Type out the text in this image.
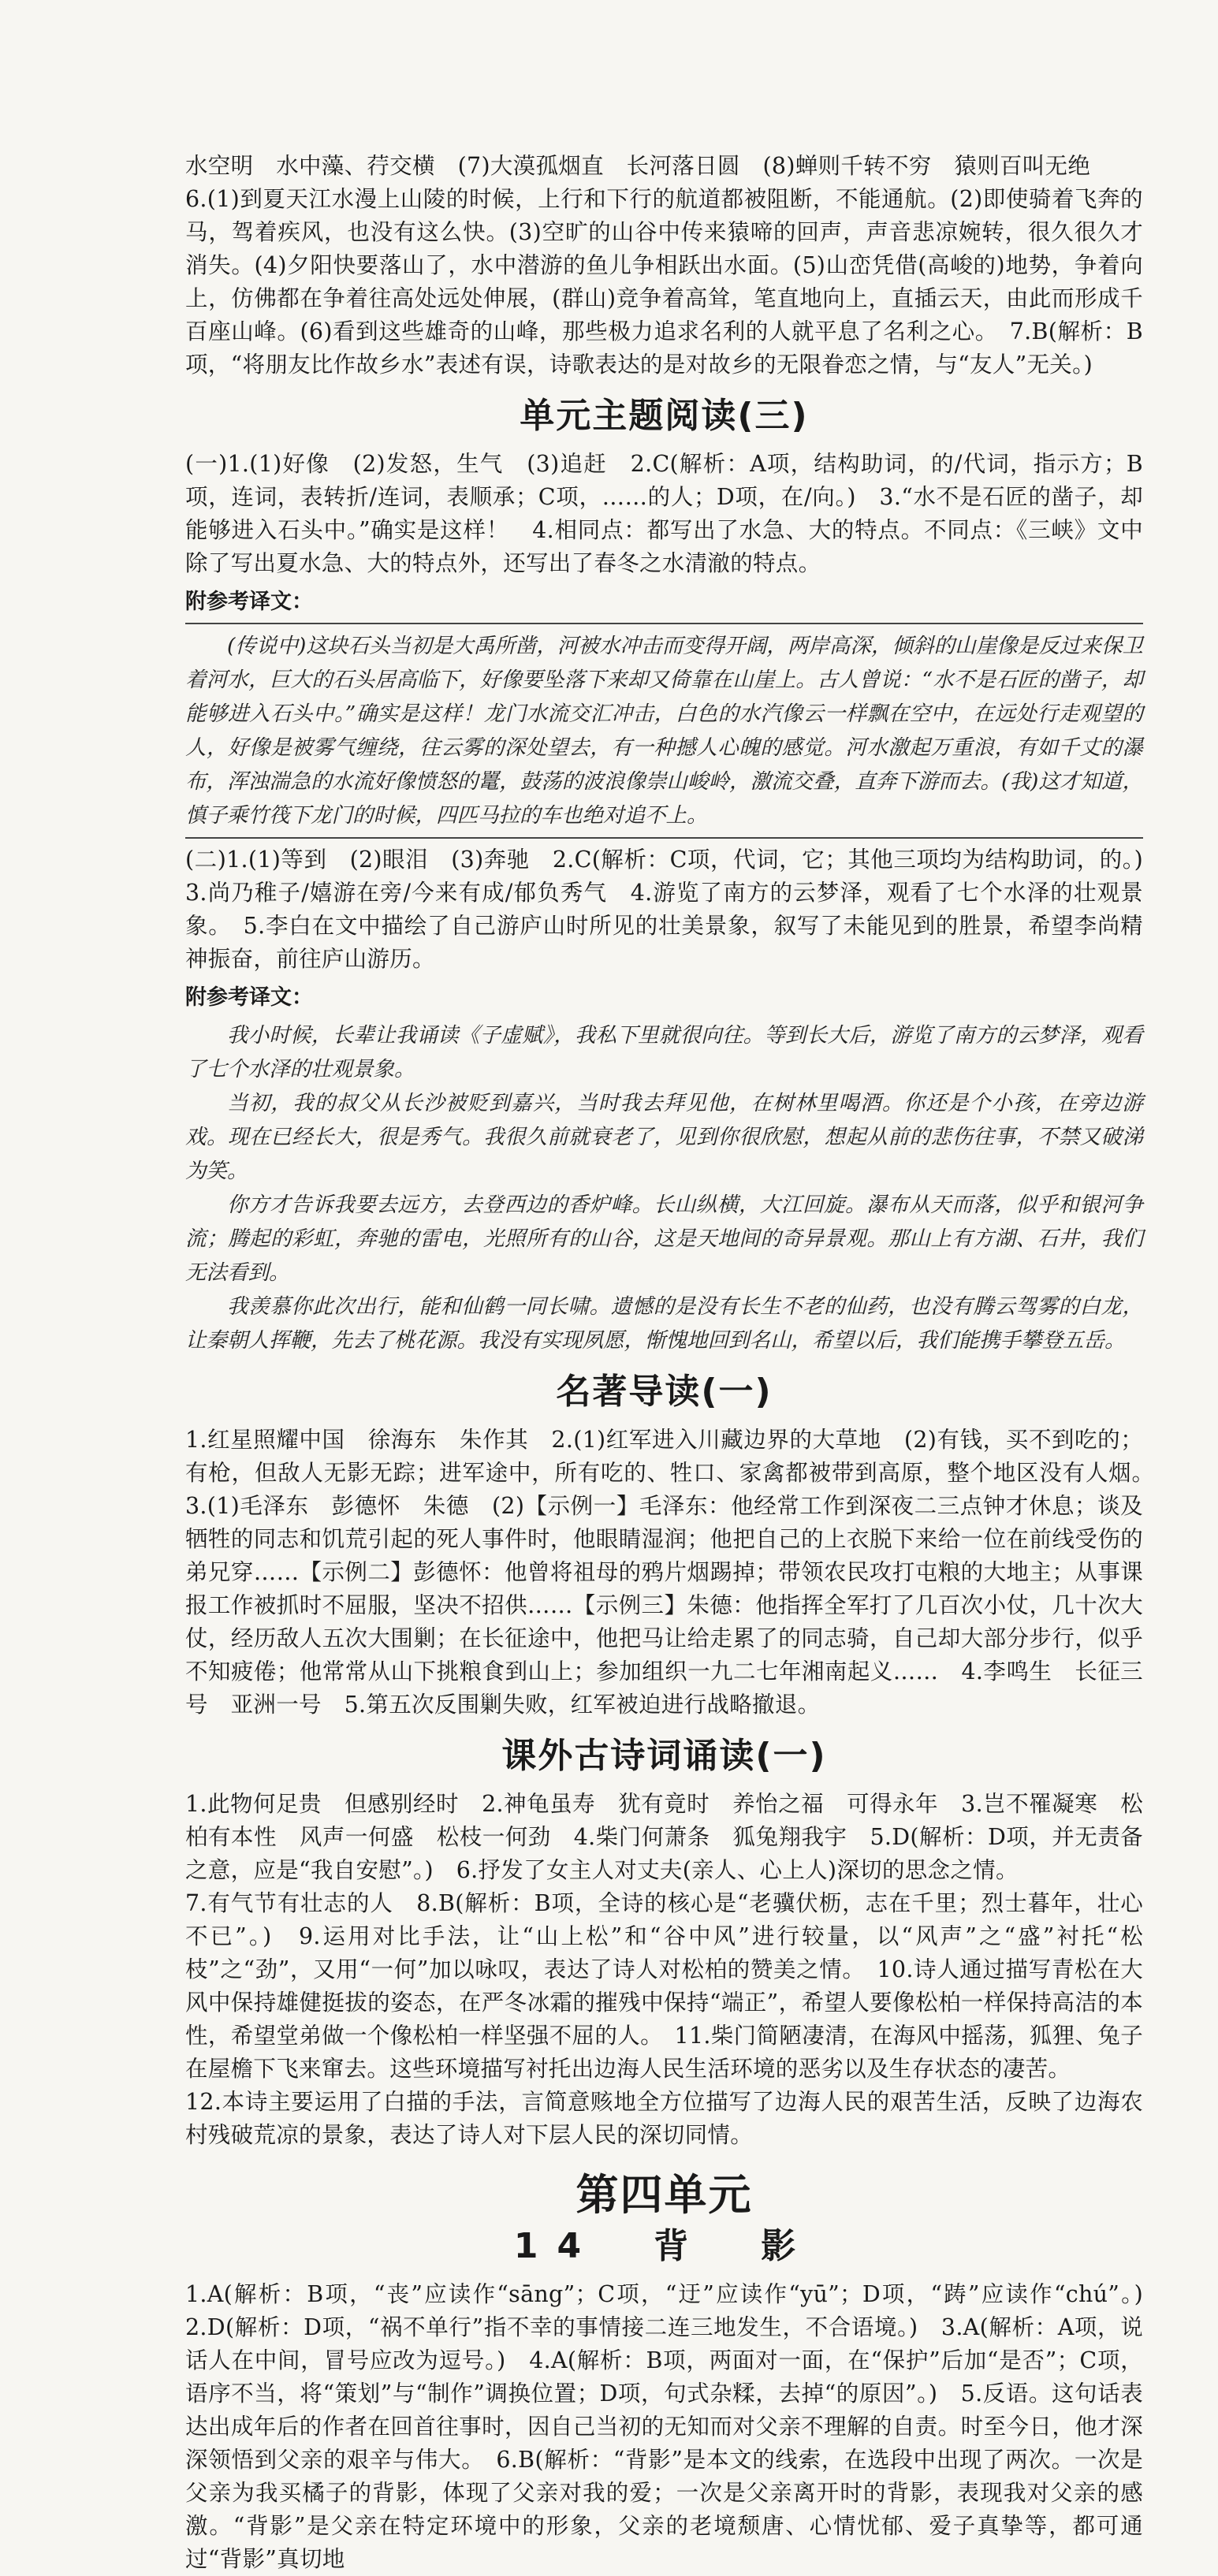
水空明　水中藻、荇交横　(7)大漠孤烟直　长河落日圆　(8)蝉则千转不穷　猿则百叫无绝

6.(1)到夏天江水漫上山陵的时候，上行和下行的航道都被阻断，不能通航。(2)即使骑着飞奔的马，驾着疾风，也没有这么快。(3)空旷的山谷中传来猿啼的回声，声音悲凉婉转，很久很久才消失。(4)夕阳快要落山了，水中潜游的鱼儿争相跃出水面。(5)山峦凭借(高峻的)地势，争着向上，仿佛都在争着往高处远处伸展，(群山)竞争着高耸，笔直地向上，直插云天，由此而形成千百座山峰。(6)看到这些雄奇的山峰，那些极力追求名利的人就平息了名利之心。　7.B(解析：B项，“将朋友比作故乡水”表述有误，诗歌表达的是对故乡的无限眷恋之情，与“友人”无关。)

单元主题阅读(三)

(一)1.(1)好像　(2)发怒，生气　(3)追赶　2.C(解析：A项，结构助词，的/代词，指示方；B项，连词，表转折/连词，表顺承；C项，……的人；D项，在/向。)　3.“水不是石匠的凿子，却能够进入石头中。”确实是这样！　4.相同点：都写出了水急、大的特点。不同点：《三峡》文中除了写出夏水急、大的特点外，还写出了春冬之水清澈的特点。

附参考译文：

(传说中)这块石头当初是大禹所凿，河被水冲击而变得开阔，两岸高深，倾斜的山崖像是反过来保卫着河水，巨大的石头居高临下，好像要坠落下来却又倚靠在山崖上。古人曾说：“水不是石匠的凿子，却能够进入石头中。”确实是这样！龙门水流交汇冲击，白色的水汽像云一样飘在空中，在远处行走观望的人，好像是被雾气缠绕，往云雾的深处望去，有一种撼人心魄的感觉。河水激起万重浪，有如千丈的瀑布，浑浊湍急的水流好像愤怒的鼍，鼓荡的波浪像崇山峻岭，激流交叠，直奔下游而去。(我)这才知道，慎子乘竹筏下龙门的时候，四匹马拉的车也绝对追不上。

(二)1.(1)等到　(2)眼泪　(3)奔驰　2.C(解析：C项，代词，它；其他三项均为结构助词，的。)　3.尚乃稚子/嬉游在旁/今来有成/郁负秀气　4.游览了南方的云梦泽，观看了七个水泽的壮观景象。　5.李白在文中描绘了自己游庐山时所见的壮美景象，叙写了未能见到的胜景，希望李尚精神振奋，前往庐山游历。

附参考译文：

我小时候，长辈让我诵读《子虚赋》，我私下里就很向往。等到长大后，游览了南方的云梦泽，观看了七个水泽的壮观景象。

当初，我的叔父从长沙被贬到嘉兴，当时我去拜见他，在树林里喝酒。你还是个小孩，在旁边游戏。现在已经长大，很是秀气。我很久前就衰老了，见到你很欣慰，想起从前的悲伤往事，不禁又破涕为笑。

你方才告诉我要去远方，去登西边的香炉峰。长山纵横，大江回旋。瀑布从天而落，似乎和银河争流；腾起的彩虹，奔驰的雷电，光照所有的山谷，这是天地间的奇异景观。那山上有方湖、石井，我们无法看到。

我羡慕你此次出行，能和仙鹤一同长啸。遗憾的是没有长生不老的仙药，也没有腾云驾雾的白龙，让秦朝人挥鞭，先去了桃花源。我没有实现夙愿，惭愧地回到名山，希望以后，我们能携手攀登五岳。

名著导读(一)

1.红星照耀中国　徐海东　朱作其　2.(1)红军进入川藏边界的大草地　(2)有钱，买不到吃的；有枪，但敌人无影无踪；进军途中，所有吃的、牲口、家禽都被带到高原，整个地区没有人烟。　3.(1)毛泽东　彭德怀　朱德　(2)【示例一】毛泽东：他经常工作到深夜二三点钟才休息；谈及牺牲的同志和饥荒引起的死人事件时，他眼睛湿润；他把自己的上衣脱下来给一位在前线受伤的弟兄穿……【示例二】彭德怀：他曾将祖母的鸦片烟踢掉；带领农民攻打屯粮的大地主；从事课报工作被抓时不屈服，坚决不招供……【示例三】朱德：他指挥全军打了几百次小仗，几十次大仗，经历敌人五次大围剿；在长征途中，他把马让给走累了的同志骑，自己却大部分步行，似乎不知疲倦；他常常从山下挑粮食到山上；参加组织一九二七年湘南起义……　4.李鸣生　长征三号　亚洲一号　5.第五次反围剿失败，红军被迫进行战略撤退。

课外古诗词诵读(一)

1.此物何足贵　但感别经时　2.神龟虽寿　犹有竟时　养怡之福　可得永年　3.岂不罹凝寒　松柏有本性　风声一何盛　松枝一何劲　4.柴门何萧条　狐兔翔我宇　5.D(解析：D项，并无责备之意，应是“我自安慰”。)　6.抒发了女主人对丈夫(亲人、心上人)深切的思念之情。

7.有气节有壮志的人　8.B(解析：B项，全诗的核心是“老骥伏枥，志在千里；烈士暮年，壮心不已”。)　9.运用对比手法，让“山上松”和“谷中风”进行较量，以“风声”之“盛”衬托“松枝”之“劲”，又用“一何”加以咏叹，表达了诗人对松柏的赞美之情。　10.诗人通过描写青松在大风中保持雄健挺拔的姿态，在严冬冰霜的摧残中保持“端正”，希望人要像松柏一样保持高洁的本性，希望堂弟做一个像松柏一样坚强不屈的人。　11.柴门简陋凄清，在海风中摇荡，狐狸、兔子在屋檐下飞来窜去。这些环境描写衬托出边海人民生活环境的恶劣以及生存状态的凄苦。

12.本诗主要运用了白描的手法，言简意赅地全方位描写了边海人民的艰苦生活，反映了边海农村残破荒凉的景象，表达了诗人对下层人民的深切同情。

第四单元
14　背　影

1.A(解析：B项，“丧”应读作“sāng”；C项，“迂”应读作“yū”；D项，“踌”应读作“chú”。)　2.D(解析：D项，“祸不单行”指不幸的事情接二连三地发生，不合语境。)　3.A(解析：A项，说话人在中间，冒号应改为逗号。)　4.A(解析：B项，两面对一面，在“保护”后加“是否”；C项，语序不当，将“策划”与“制作”调换位置；D项，句式杂糅，去掉“的原因”。)　5.反语。这句话表达出成年后的作者在回首往事时，因自己当初的无知而对父亲不理解的自责。时至今日，他才深深领悟到父亲的艰辛与伟大。　6.B(解析：“背影”是本文的线索，在选段中出现了两次。一次是父亲为我买橘子的背影，体现了父亲对我的爱；一次是父亲离开时的背影，表现我对父亲的感激。“背影”是父亲在特定环境中的形象，父亲的老境颓唐、心情忧郁、爱子真挚等，都可通过“背影”真切地
